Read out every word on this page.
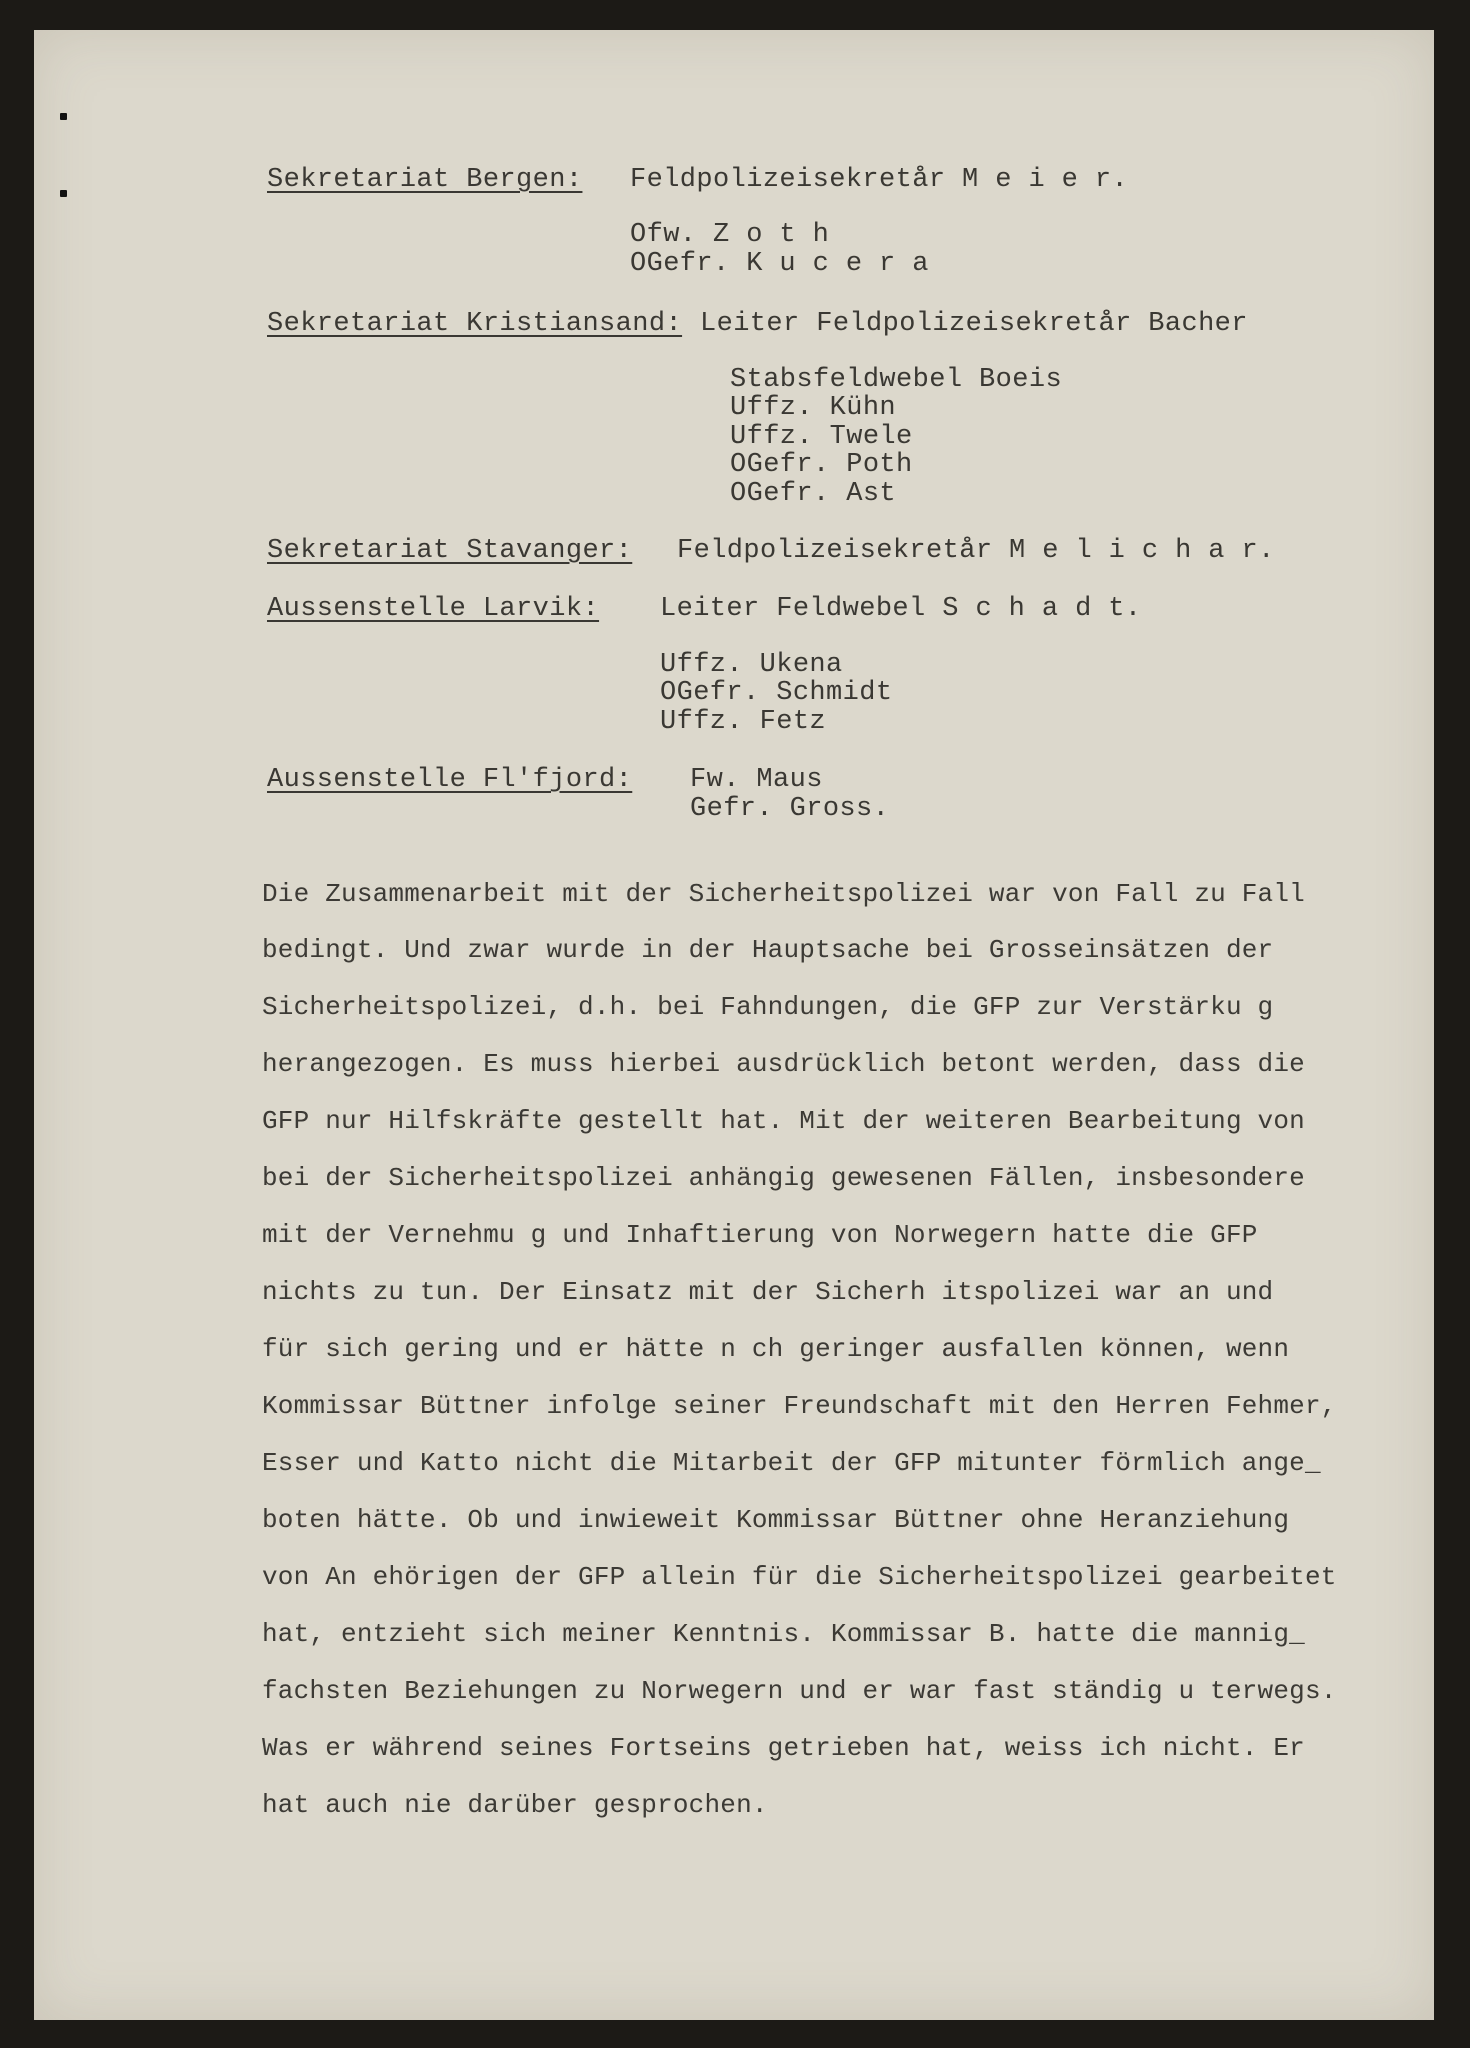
Sekretariat Bergen: Feldpolizeisekretår M e i e r.
Ofw. Z o t h
OGefr. K u c e r a
Sekretariat Kristiansand: Leiter Feldpolizeisekretår Bacher
Stabsfeldwebel Boeis
Uffz. Kühn
Uffz. Twele
OGefr. Poth
OGefr. Ast
Sekretariat Stavanger: Feldpolizeisekretår M e l i c h a r.
Aussenstelle Larvik: Leiter Feldwebel S c h a d t.
Uffz. Ukena
OGefr. Schmidt
Uffz. Fetz
Aussenstelle Fl'fjord: Fw. Maus
Gefr. Gross.
Die Zusammenarbeit mit der Sicherheitspolizei war von Fall zu Fall
bedingt. Und zwar wurde in der Hauptsache bei Grosseinsätzen der
Sicherheitspolizei, d.h. bei Fahndungen, die GFP zur Verstärku g
herangezogen. Es muss hierbei ausdrücklich betont werden, dass die
GFP nur Hilfskräfte gestellt hat. Mit der weiteren Bearbeitung von
bei der Sicherheitspolizei anhängig gewesenen Fällen, insbesondere
mit der Vernehmu g und Inhaftierung von Norwegern hatte die GFP
nichts zu tun. Der Einsatz mit der Sicherh itspolizei war an und
für sich gering und er hätte n ch geringer ausfallen können, wenn
Kommissar Büttner infolge seiner Freundschaft mit den Herren Fehmer,
Esser und Katto nicht die Mitarbeit der GFP mitunter förmlich ange_
boten hätte. Ob und inwieweit Kommissar Büttner ohne Heranziehung
von An ehörigen der GFP allein für die Sicherheitspolizei gearbeitet
hat, entzieht sich meiner Kenntnis. Kommissar B. hatte die mannig_
fachsten Beziehungen zu Norwegern und er war fast ständig u terwegs.
Was er während seines Fortseins getrieben hat, weiss ich nicht. Er
hat auch nie darüber gesprochen.
